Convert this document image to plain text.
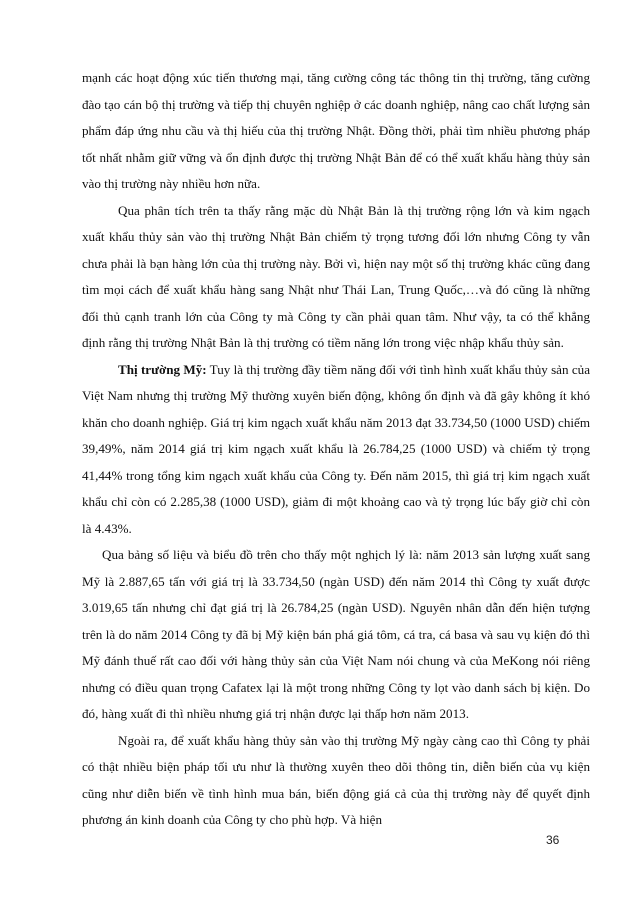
mạnh các hoạt động xúc tiến thương mại, tăng cường công tác thông tin thị trường, tăng cường đào tạo cán bộ thị trường và tiếp thị chuyên nghiệp ở các doanh nghiệp, nâng cao chất lượng sản phẩm đáp ứng nhu cầu và thị hiếu của thị trường Nhật. Đồng thời, phải tìm nhiều phương pháp tốt nhất nhằm giữ vững và ổn định được thị trường Nhật Bản để có thể xuất khẩu hàng thủy sản vào thị trường này nhiều hơn nữa.

Qua phân tích trên ta thấy rằng mặc dù Nhật Bản là thị trường rộng lớn và kim ngạch xuất khẩu thủy sản vào thị trường Nhật Bản chiếm tỷ trọng tương đối lớn nhưng Công ty vẫn chưa phải là bạn hàng lớn của thị trường này. Bởi vì, hiện nay một số thị trường khác cũng đang tìm mọi cách để xuất khẩu hàng sang Nhật như Thái Lan, Trung Quốc,…và đó cũng là những đối thủ cạnh tranh lớn của Công ty mà Công ty cần phải quan tâm. Như vậy, ta có thể khẳng định rằng thị trường Nhật Bản là thị trường có tiềm năng lớn trong việc nhập khẩu thủy sản.

Thị trường Mỹ: Tuy là thị trường đầy tiềm năng đối với tình hình xuất khẩu thủy sản của Việt Nam nhưng thị trường Mỹ thường xuyên biến động, không ổn định và đã gây không ít khó khăn cho doanh nghiệp. Giá trị kim ngạch xuất khẩu năm 2013 đạt 33.734,50 (1000 USD) chiếm 39,49%, năm 2014 giá trị kim ngạch xuất khẩu là 26.784,25 (1000 USD) và chiếm tỷ trọng 41,44% trong tổng kim ngạch xuất khẩu của Công ty. Đến năm 2015, thì giá trị kim ngạch xuất khẩu chỉ còn có 2.285,38 (1000 USD), giảm đi một khoảng cao và tỷ trọng lúc bấy giờ chỉ còn là 4.43%.

Qua bảng số liệu và biểu đồ trên cho thấy một nghịch lý là: năm 2013 sản lượng xuất sang Mỹ là 2.887,65 tấn với giá trị là 33.734,50 (ngàn USD) đến năm 2014 thì Công ty xuất được 3.019,65 tấn nhưng chỉ đạt giá trị là 26.784,25 (ngàn USD). Nguyên nhân dẫn đến hiện tượng trên là do năm 2014 Công ty đã bị Mỹ kiện bán phá giá tôm, cá tra, cá basa và sau vụ kiện đó thì Mỹ đánh thuế rất cao đối với hàng thủy sản của Việt Nam nói chung và của MeKong nói riêng nhưng có điều quan trọng Cafatex lại là một trong những Công ty lọt vào danh sách bị kiện. Do đó, hàng xuất đi thì nhiều nhưng giá trị nhận được lại thấp hơn năm 2013.

Ngoài ra, để xuất khẩu hàng thủy sản vào thị trường Mỹ ngày càng cao thì Công ty phải có thật nhiều biện pháp tối ưu như là thường xuyên theo dõi thông tin, diễn biến của vụ kiện cũng như diễn biến về tình hình mua bán, biến động giá cả của thị trường này để quyết định phương án kinh doanh của Công ty cho phù hợp. Và hiện

36
